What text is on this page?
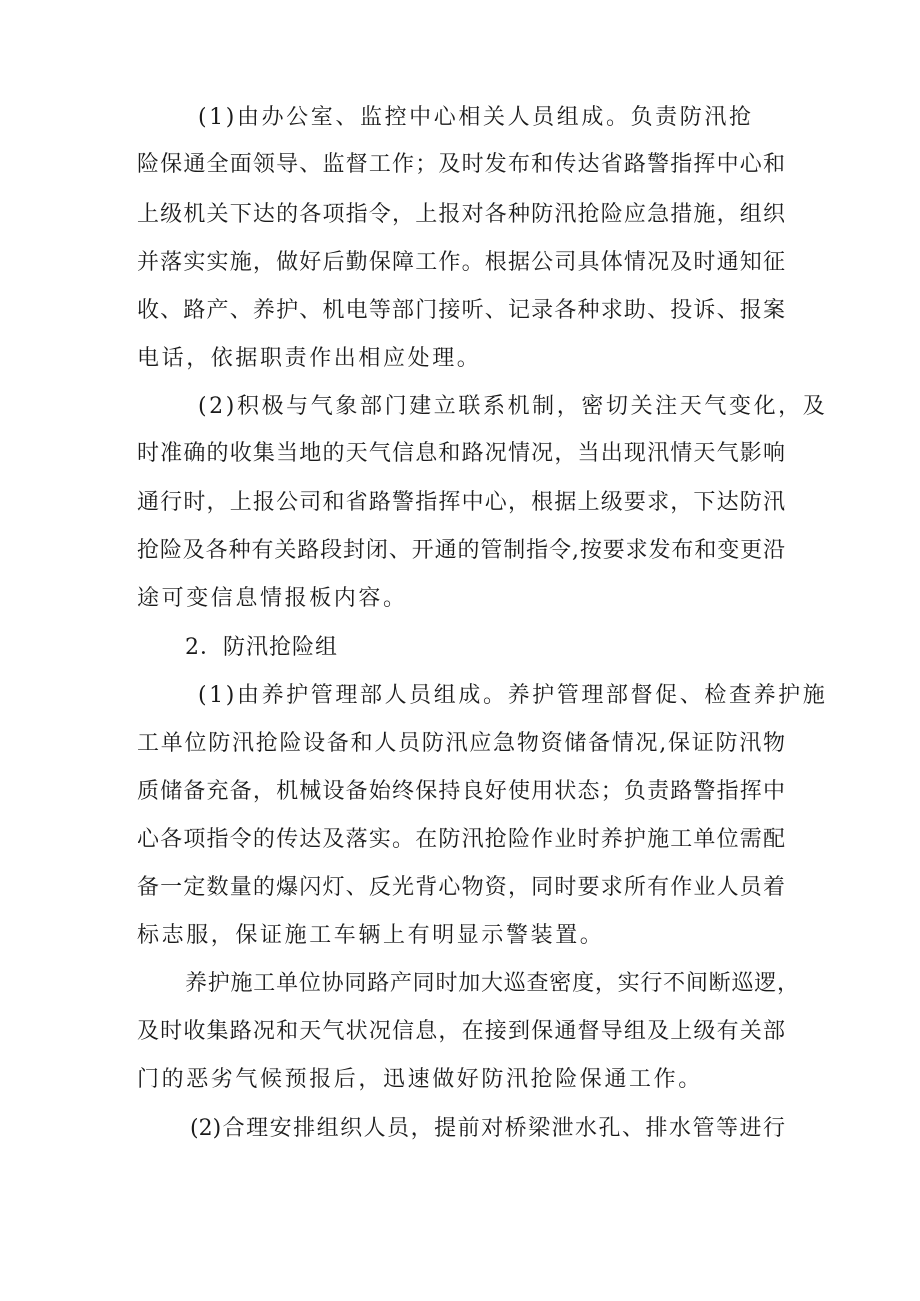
(1)由办公室、监控中心相关人员组成。负责防汛抢
险保通全面领导、监督工作；及时发布和传达省路警指挥中心和
上级机关下达的各项指令，上报对各种防汛抢险应急措施，组织
并落实实施，做好后勤保障工作。根据公司具体情况及时通知征
收、路产、养护、机电等部门接听、记录各种求助、投诉、报案
电话，依据职责作出相应处理。
(2)积极与气象部门建立联系机制，密切关注天气变化，及
时准确的收集当地的天气信息和路况情况，当出现汛情天气影响
通行时，上报公司和省路警指挥中心，根据上级要求，下达防汛
抢险及各种有关路段封闭、开通的管制指令,按要求发布和变更沿
途可变信息情报板内容。
2．防汛抢险组
(1)由养护管理部人员组成。养护管理部督促、检查养护施
工单位防汛抢险设备和人员防汛应急物资储备情况,保证防汛物
质储备充备，机械设备始终保持良好使用状态；负责路警指挥中
心各项指令的传达及落实。在防汛抢险作业时养护施工单位需配
备一定数量的爆闪灯、反光背心物资，同时要求所有作业人员着
标志服，保证施工车辆上有明显示警装置。
养护施工单位协同路产同时加大巡查密度，实行不间断巡逻，
及时收集路况和天气状况信息，在接到保通督导组及上级有关部
门的恶劣气候预报后，迅速做好防汛抢险保通工作。
(2)合理安排组织人员，提前对桥梁泄水孔、排水管等进行
